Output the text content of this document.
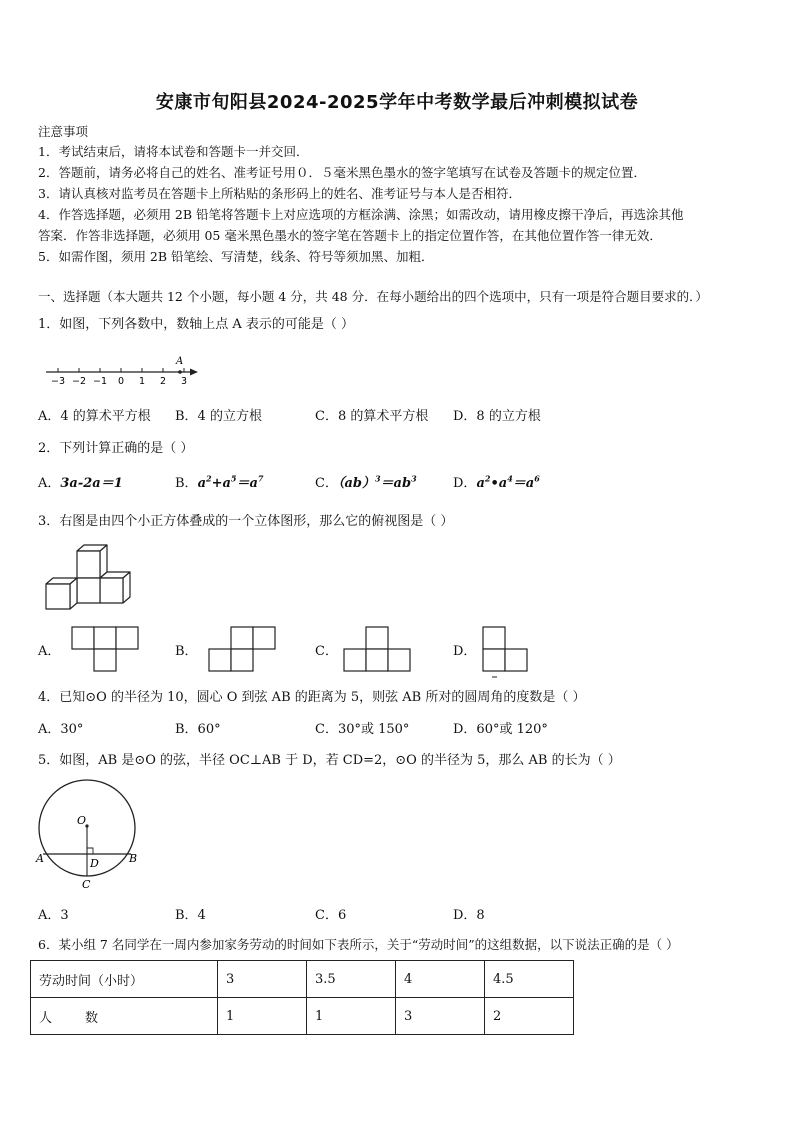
安康市旬阳县2024-2025学年中考数学最后冲刺模拟试卷
注意事项
1．考试结束后，请将本试卷和答题卡一并交回．
2．答题前，请务必将自己的姓名、准考证号用０．５毫米黑色墨水的签字笔填写在试卷及答题卡的规定位置．
3．请认真核对监考员在答题卡上所粘贴的条形码上的姓名、准考证号与本人是否相符．
4．作答选择题，必须用 2B 铅笔将答题卡上对应选项的方框涂满、涂黑；如需改动，请用橡皮擦干净后，再选涂其他
答案．作答非选择题，必须用 05 毫米黑色墨水的签字笔在答题卡上的指定位置作答，在其他位置作答一律无效．
5．如需作图，须用 2B 铅笔绘、写清楚，线条、符号等须加黑、加粗．
一、选择题（本大题共 12 个小题，每小题 4 分，共 48 分．在每小题给出的四个选项中，只有一项是符合题目要求的．）
1．如图，下列各数中，数轴上点 A 表示的可能是（ ）
A
−3 −2 −1 0 1 2 3
A．4 的算术平方根 B．4 的立方根	C．8 的算术平方根 D．8 的立方根
2．下列计算正确的是（ ）
A．3a-2a＝1	B．$a^2+a^5=a^7$	C．$(ab)^3=ab^3$	D．$a^2•a^4=a^6$
3．右图是由四个小正方体叠成的一个立体图形，那么它的俯视图是（ ）
A．	B．	C．	D．
4．已知⊙O 的半径为 10，圆心 O 到弦 AB 的距离为 5，则弦 AB 所对的圆周角的度数是（ ）
A．30°	B．60°	C．30°或 150°	D．60°或 120°
5．如图，AB 是⊙O 的弦，半径 OC⊥AB 于 D，若 CD=2，⊙O 的半径为 5，那么 AB 的长为（ ）
O
A	B
D
C
A．3	B．4	C．6	D．8
6．某小组 7 名同学在一周内参加家务劳动的时间如下表所示，关于“劳动时间”的这组数据，以下说法正确的是（ ）
劳动时间（小时）	3	3.5	4	4.5
人        数	1	1	3	2
